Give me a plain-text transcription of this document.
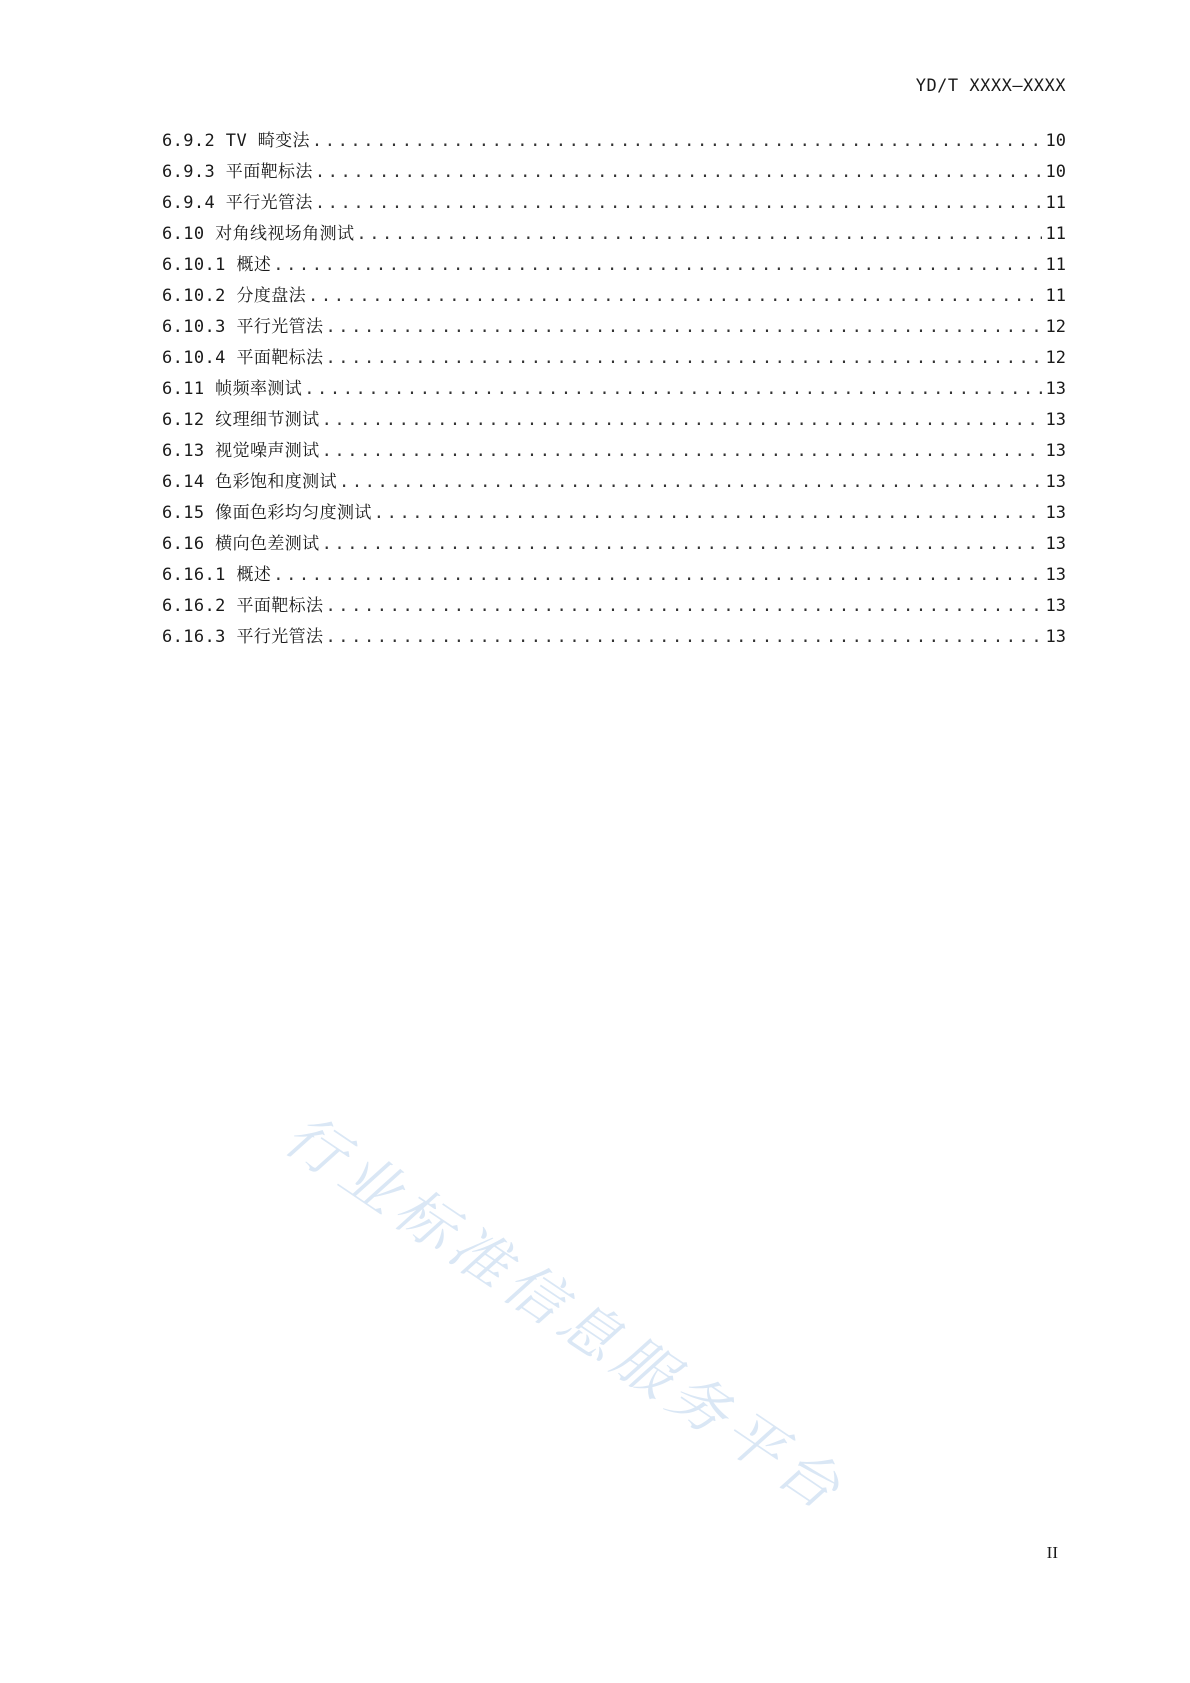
YD/T XXXX—XXXX
6.9.2 TV 畸变法 .....	10
6.9.3 平面靶标法 .....	10
6.9.4 平行光管法 .....	11
6.10 对角线视场角测试 .....	11
6.10.1 概述 .....	11
6.10.2 分度盘法 .....	11
6.10.3 平行光管法 .....	12
6.10.4 平面靶标法 .....	12
6.11 帧频率测试 .....	13
6.12 纹理细节测试 .....	13
6.13 视觉噪声测试 .....	13
6.14 色彩饱和度测试 .....	13
6.15 像面色彩均匀度测试 .....	13
6.16 横向色差测试 .....	13
6.16.1 概述 .....	13
6.16.2 平面靶标法 .....	13
6.16.3 平行光管法 .....	13
行业标准信息服务平台
II
